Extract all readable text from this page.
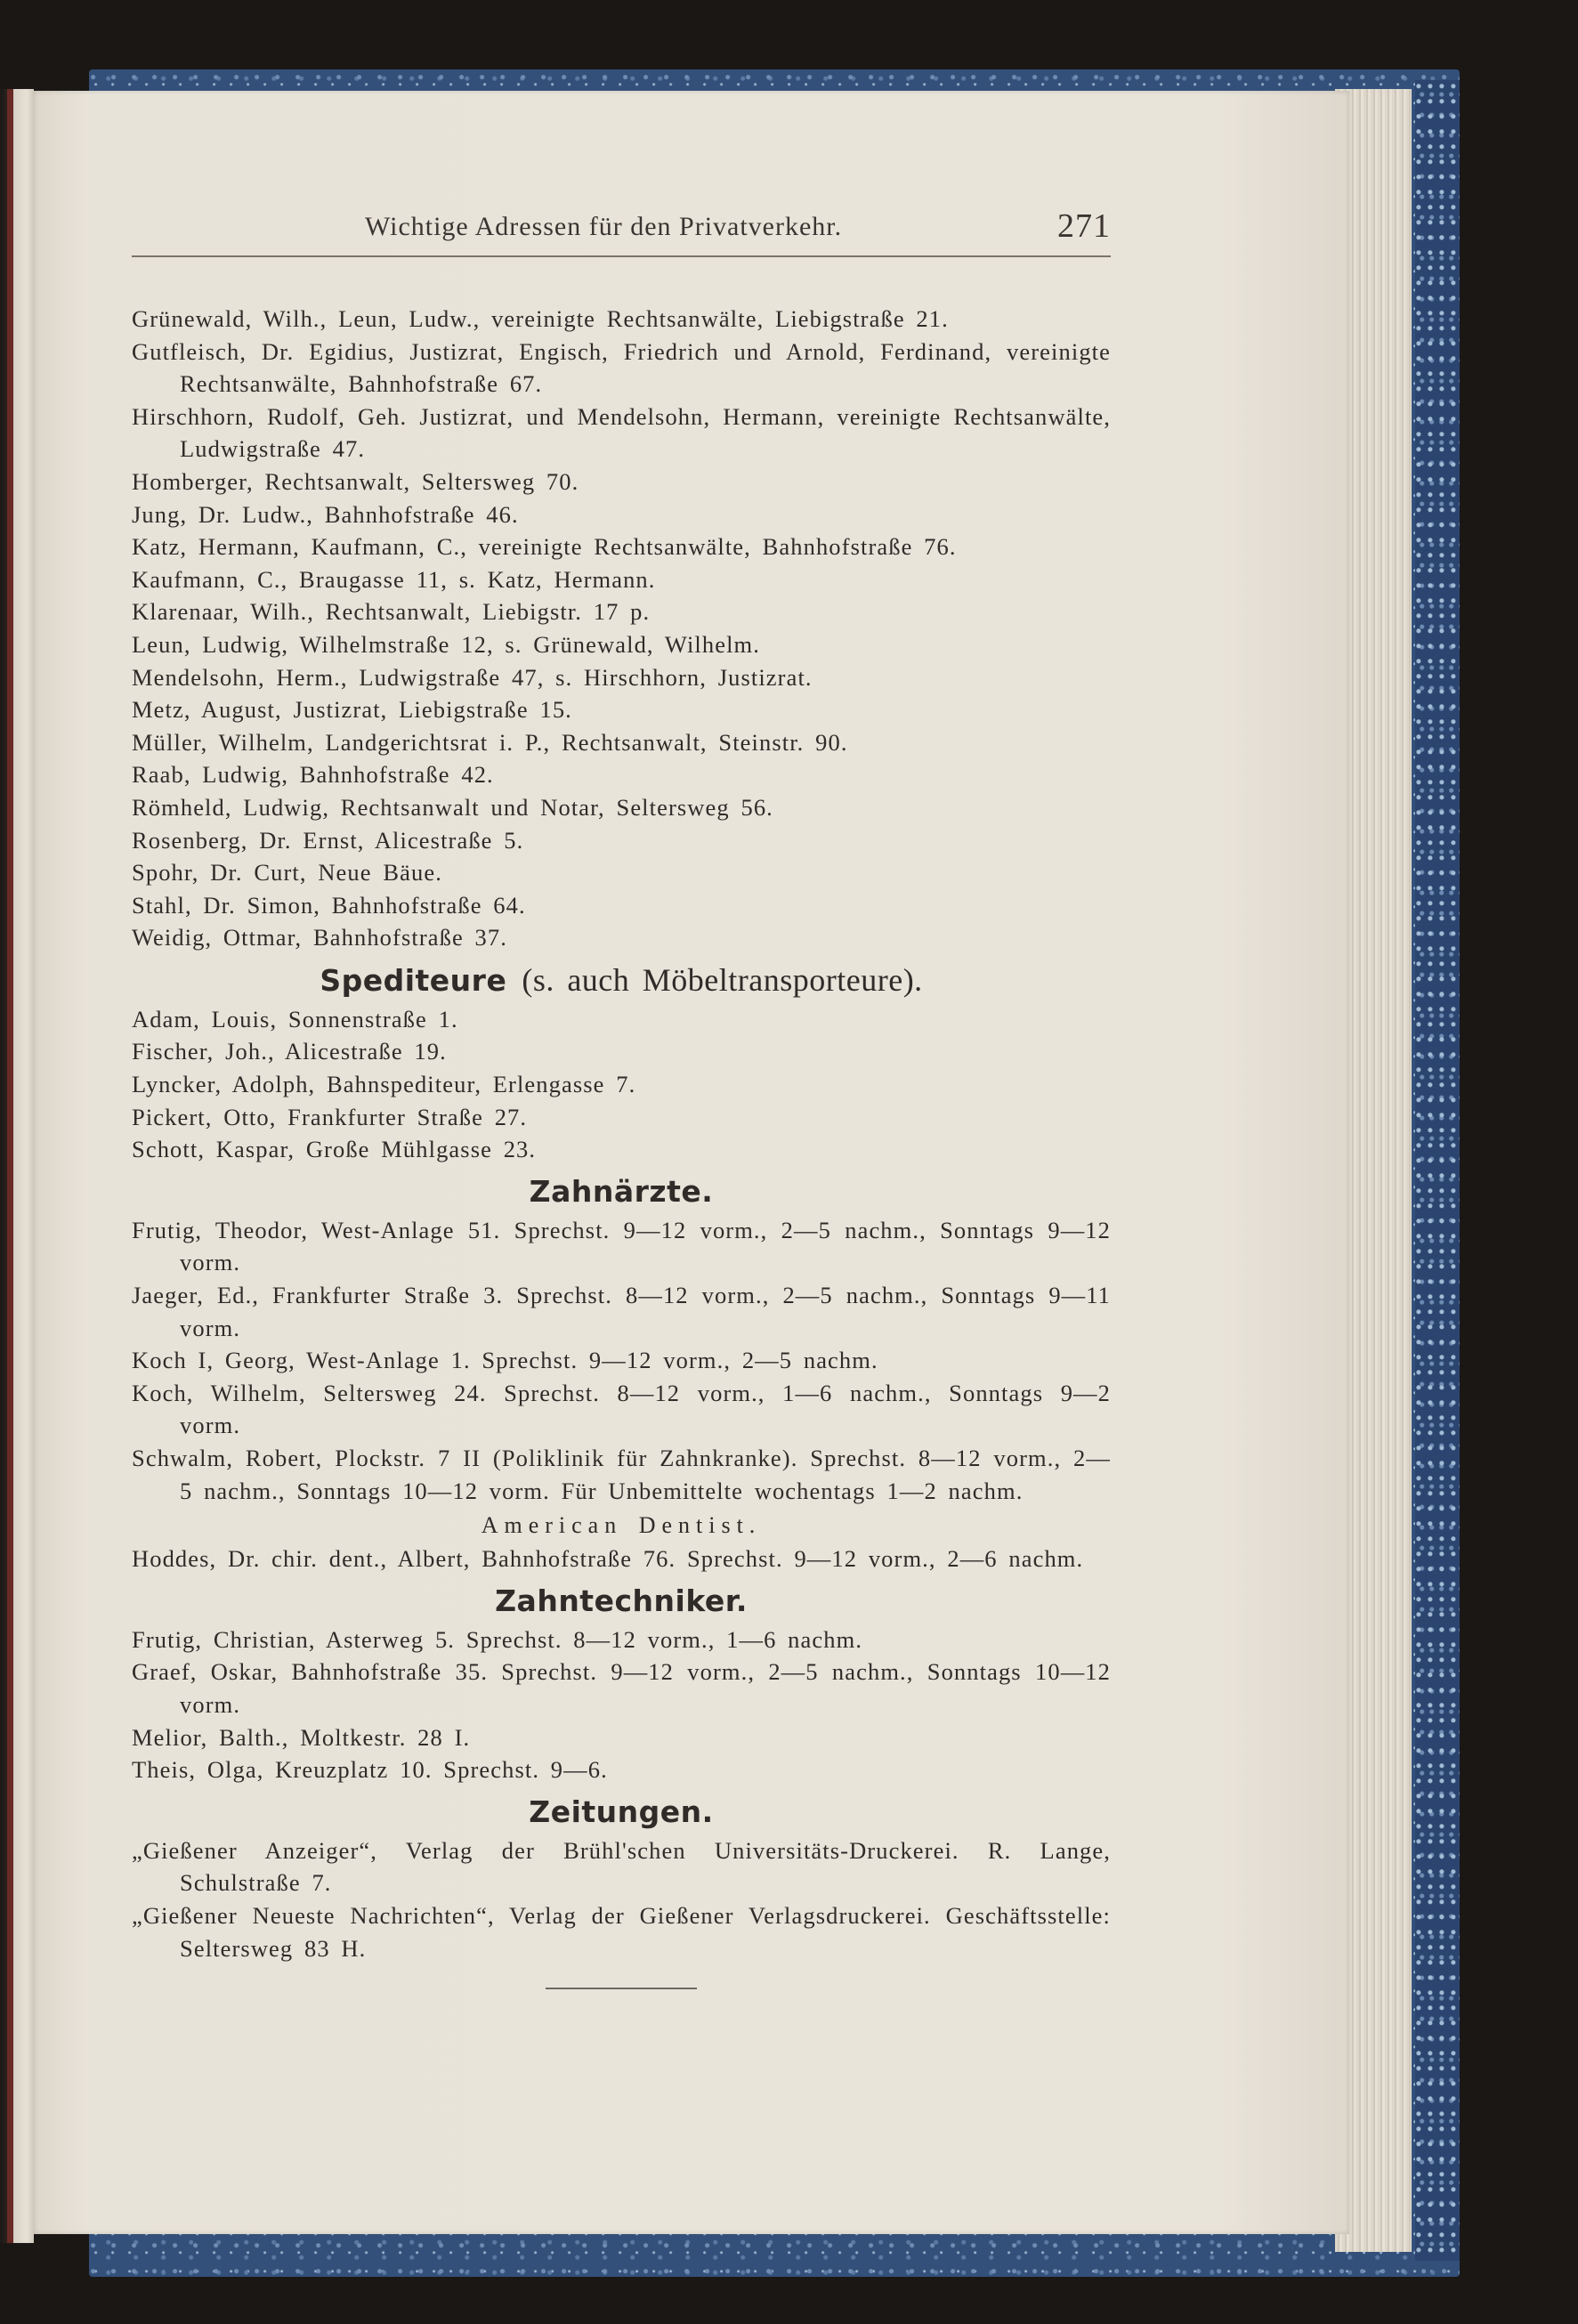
Wichtige Adressen für den Privatverkehr.	271

Grünewald, Wilh., Leun, Ludw., vereinigte Rechtsanwälte, Liebigstraße 21.

Gutfleisch, Dr. Egidius, Justizrat, Engisch, Friedrich und Arnold, Ferdinand, vereinigte Rechtsanwälte, Bahnhofstraße 67.

Hirschhorn, Rudolf, Geh. Justizrat, und Mendelsohn, Hermann, vereinigte Rechtsanwälte, Ludwigstraße 47.

Homberger, Rechtsanwalt, Seltersweg 70.

Jung, Dr. Ludw., Bahnhofstraße 46.

Katz, Hermann, Kaufmann, C., vereinigte Rechtsanwälte, Bahnhofstraße 76.

Kaufmann, C., Braugasse 11, s. Katz, Hermann.

Klarenaar, Wilh., Rechtsanwalt, Liebigstr. 17 p.

Leun, Ludwig, Wilhelmstraße 12, s. Grünewald, Wilhelm.

Mendelsohn, Herm., Ludwigstraße 47, s. Hirschhorn, Justizrat.

Metz, August, Justizrat, Liebigstraße 15.

Müller, Wilhelm, Landgerichtsrat i. P., Rechtsanwalt, Steinstr. 90.

Raab, Ludwig, Bahnhofstraße 42.

Römheld, Ludwig, Rechtsanwalt und Notar, Seltersweg 56.

Rosenberg, Dr. Ernst, Alicestraße 5.

Spohr, Dr. Curt, Neue Bäue.

Stahl, Dr. Simon, Bahnhofstraße 64.

Weidig, Ottmar, Bahnhofstraße 37.

Spediteure (s. auch Möbeltransporteure).

Adam, Louis, Sonnenstraße 1.

Fischer, Joh., Alicestraße 19.

Lyncker, Adolph, Bahnspediteur, Erlengasse 7.

Pickert, Otto, Frankfurter Straße 27.

Schott, Kaspar, Große Mühlgasse 23.

Zahnärzte.

Frutig, Theodor, West-Anlage 51. Sprechst. 9—12 vorm., 2—5 nachm., Sonntags 9—12 vorm.

Jaeger, Ed., Frankfurter Straße 3. Sprechst. 8—12 vorm., 2—5 nachm., Sonntags 9—11 vorm.

Koch I, Georg, West-Anlage 1. Sprechst. 9—12 vorm., 2—5 nachm.

Koch, Wilhelm, Seltersweg 24. Sprechst. 8—12 vorm., 1—6 nachm., Sonntags 9—2 vorm.

Schwalm, Robert, Plockstr. 7 II (Poliklinik für Zahnkranke). Sprechst. 8—12 vorm., 2—5 nachm., Sonntags 10—12 vorm. Für Unbemittelte wochentags 1—2 nachm.

American Dentist.

Hoddes, Dr. chir. dent., Albert, Bahnhofstraße 76. Sprechst. 9—12 vorm., 2—6 nachm.

Zahntechniker.

Frutig, Christian, Asterweg 5. Sprechst. 8—12 vorm., 1—6 nachm.

Graef, Oskar, Bahnhofstraße 35. Sprechst. 9—12 vorm., 2—5 nachm., Sonntags 10—12 vorm.

Melior, Balth., Moltkestr. 28 I.

Theis, Olga, Kreuzplatz 10. Sprechst. 9—6.

Zeitungen.

„Gießener Anzeiger“, Verlag der Brühl'schen Universitäts-Druckerei. R. Lange, Schulstraße 7.

„Gießener Neueste Nachrichten“, Verlag der Gießener Verlagsdruckerei. Geschäftsstelle: Seltersweg 83 H.
